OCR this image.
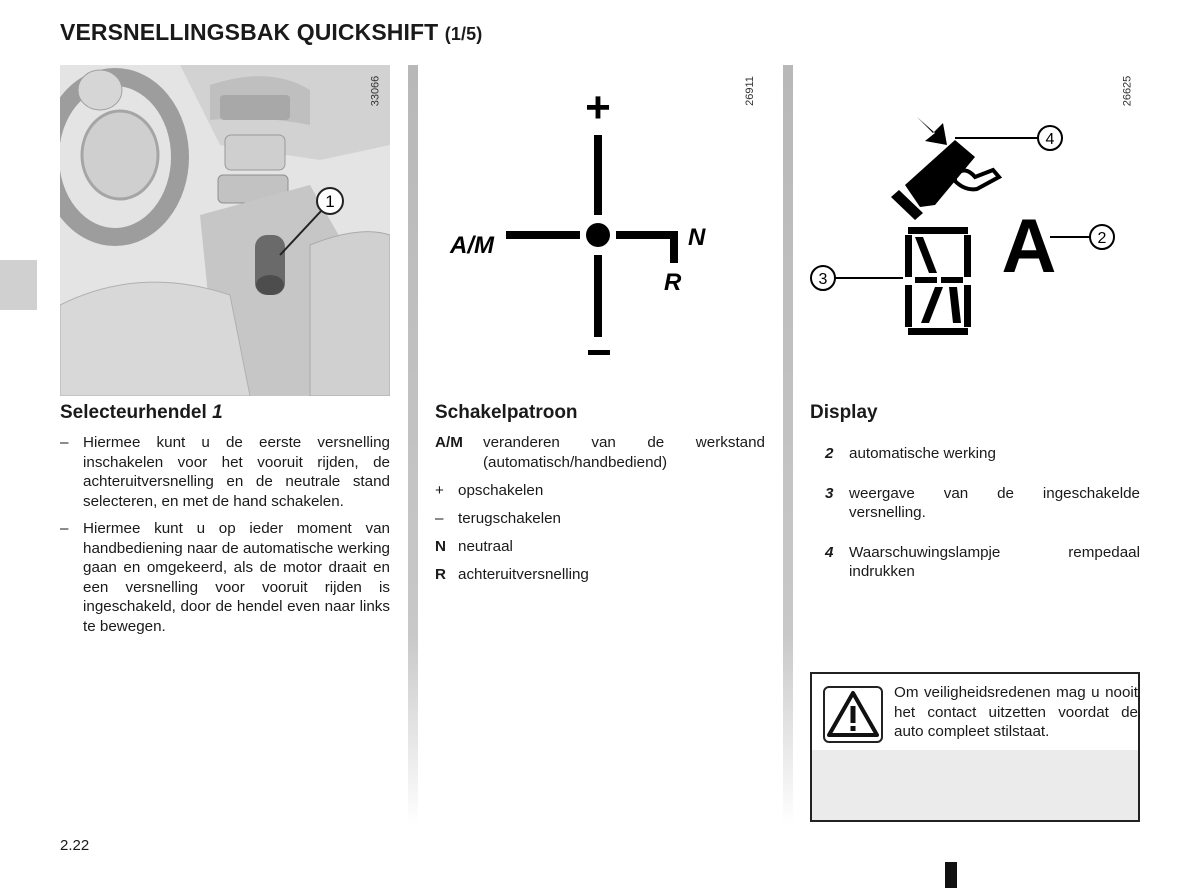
VERSNELLINGSBAK QUICKSHIFT (1/5)
1
33066	+
A/M	N
R
26911
4
A	2
3
26625
Selecteurhendel 1	Schakelpatroon	Display
– Hiermee kunt u de eerste versnelling inschakelen voor het vooruit rijden, de achteruitversnelling en de neutrale stand selecteren, en met de hand schakelen.
– Hiermee kunt u op ieder moment van handbediening naar de automatische werking gaan en omgekeerd, als de motor draait en een versnelling voor vooruit rijden is ingeschakeld, door de hendel even naar links te bewegen.
A/M	veranderen van de werkstand (automatisch/handbediend)
+ opschakelen
– terugschakelen
N neutraal
R achteruitversnelling
2	automatische werking
3	weergave van de ingeschakelde versnelling.
4	Waarschuwingslampje rempedaal indrukken
Om veiligheidsredenen mag u nooit het contact uitzetten voordat de auto compleet stilstaat.
2.22
